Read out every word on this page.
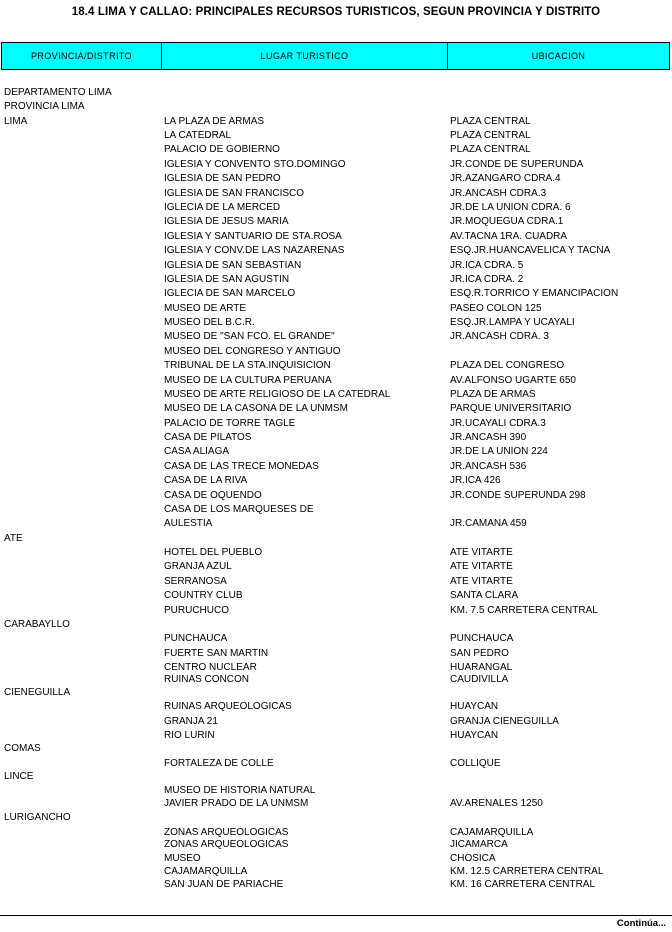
18.4 LIMA Y CALLAO: PRINCIPALES RECURSOS TURISTICOS, SEGUN PROVINCIA Y DISTRITO
PROVINCIA/DISTRITO	LUGAR TURISTICO	UBICACION
DEPARTAMENTO LIMA
PROVINCIA LIMA
LIMA	LA PLAZA DE ARMAS	PLAZA CENTRAL
LA CATEDRAL	PLAZA CENTRAL
PALACIO DE GOBIERNO	PLAZA CENTRAL
IGLESIA Y CONVENTO STO.DOMINGO	JR.CONDE DE SUPERUNDA
IGLESIA DE SAN PEDRO	JR.AZANGARO CDRA.4
IGLESIA DE SAN FRANCISCO	JR.ANCASH CDRA.3
IGLECIA DE LA MERCED	JR.DE LA UNION CDRA. 6
IGLESIA DE JESUS MARIA	JR.MOQUEGUA CDRA.1
IGLESIA Y SANTUARIO DE STA.ROSA	AV.TACNA 1RA. CUADRA
IGLESIA Y CONV.DE LAS NAZARENAS	ESQ.JR.HUANCAVELICA Y TACNA
IGLESIA DE SAN SEBASTIAN	JR.ICA CDRA. 5
IGLESIA DE SAN AGUSTIN	JR.ICA CDRA. 2
IGLECIA DE SAN MARCELO	ESQ.R.TORRICO Y EMANCIPACION
MUSEO DE ARTE	PASEO COLON 125
MUSEO DEL B.C.R.	ESQ.JR.LAMPA Y UCAYALI
MUSEO DE "SAN FCO. EL GRANDE"	JR.ANCASH CDRA. 3
MUSEO DEL CONGRESO Y ANTIGUO
TRIBUNAL DE LA STA.INQUISICION	PLAZA DEL CONGRESO
MUSEO DE LA CULTURA PERUANA	AV.ALFONSO UGARTE 650
MUSEO DE ARTE RELIGIOSO DE LA CATEDRAL	PLAZA DE ARMAS
MUSEO DE LA CASONA DE LA UNMSM	PARQUE UNIVERSITARIO
PALACIO DE TORRE TAGLE	JR.UCAYALI CDRA.3
CASA DE PILATOS	JR.ANCASH 390
CASA ALIAGA	JR.DE LA UNION 224
CASA DE LAS TRECE MONEDAS	JR.ANCASH 536
CASA DE LA RIVA	JR.ICA 426
CASA DE OQUENDO	JR.CONDE SUPERUNDA 298
CASA DE LOS MARQUESES DE
AULESTIA	JR.CAMANA 459
ATE
HOTEL DEL PUEBLO	ATE VITARTE
GRANJA AZUL	ATE VITARTE
SERRANOSA	ATE VITARTE
COUNTRY CLUB	SANTA CLARA
PURUCHUCO	KM. 7.5 CARRETERA CENTRAL
CARABAYLLO
PUNCHAUCA	PUNCHAUCA
FUERTE SAN MARTIN	SAN PEDRO
CENTRO NUCLEAR	HUARANGAL
RUINAS CONCON	CAUDIVILLA
CIENEGUILLA
RUINAS ARQUEOLOGICAS	HUAYCAN
GRANJA 21	GRANJA CIENEGUILLA
RIO LURIN	HUAYCAN
COMAS
FORTALEZA DE COLLE	COLLIQUE
LINCE
MUSEO DE HISTORIA NATURAL
JAVIER PRADO DE LA UNMSM	AV.ARENALES 1250
LURIGANCHO
ZONAS ARQUEOLOGICAS	CAJAMARQUILLA
ZONAS ARQUEOLOGICAS	JICAMARCA
MUSEO	CHOSICA
CAJAMARQUILLA	KM. 12.5 CARRETERA CENTRAL
SAN JUAN DE PARIACHE	KM. 16 CARRETERA CENTRAL
Continúa...
